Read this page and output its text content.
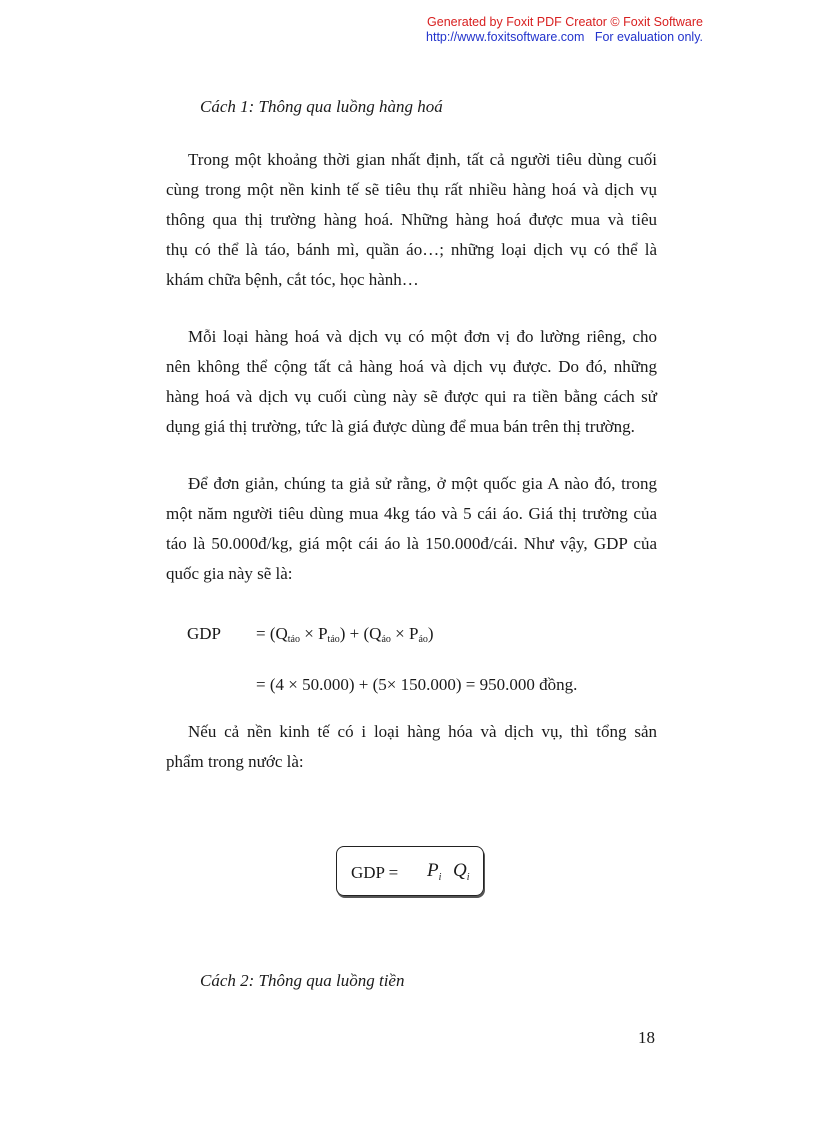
Generated by Foxit PDF Creator © Foxit Software
http://www.foxitsoftware.com For evaluation only.
Cách 1: Thông qua luồng hàng hoá
Trong một khoảng thời gian nhất định, tất cả người tiêu dùng cuối
cùng trong một nền kinh tế sẽ tiêu thụ rất nhiều hàng hoá và dịch vụ
thông qua thị trường hàng hoá. Những hàng hoá được mua và tiêu
thụ có thể là táo, bánh mì, quần áo…; những loại dịch vụ có thể là
khám chữa bệnh, cắt tóc, học hành…
Mỗi loại hàng hoá và dịch vụ có một đơn vị đo lường riêng, cho
nên không thể cộng tất cả hàng hoá và dịch vụ được. Do đó, những
hàng hoá và dịch vụ cuối cùng này sẽ được qui ra tiền bằng cách sử
dụng giá thị trường, tức là giá được dùng để mua bán trên thị trường.
Để đơn giản, chúng ta giả sử rằng, ở một quốc gia A nào đó, trong
một năm người tiêu dùng mua 4kg táo và 5 cái áo. Giá thị trường của
táo là 50.000đ/kg, giá một cái áo là 150.000đ/cái. Như vậy, GDP của
quốc gia này sẽ là:
GDP = $(Q_{táo} \times P_{táo}) + (Q_{áo} \times P_{áo})$
= (4 × 50.000) + (5× 150.000) = 950.000 đồng.
Nếu cả nền kinh tế có i loại hàng hóa và dịch vụ, thì tổng sản
phẩm trong nước là:
GDP = $P_i$ $Q_i$
Cách 2: Thông qua luồng tiền
18
